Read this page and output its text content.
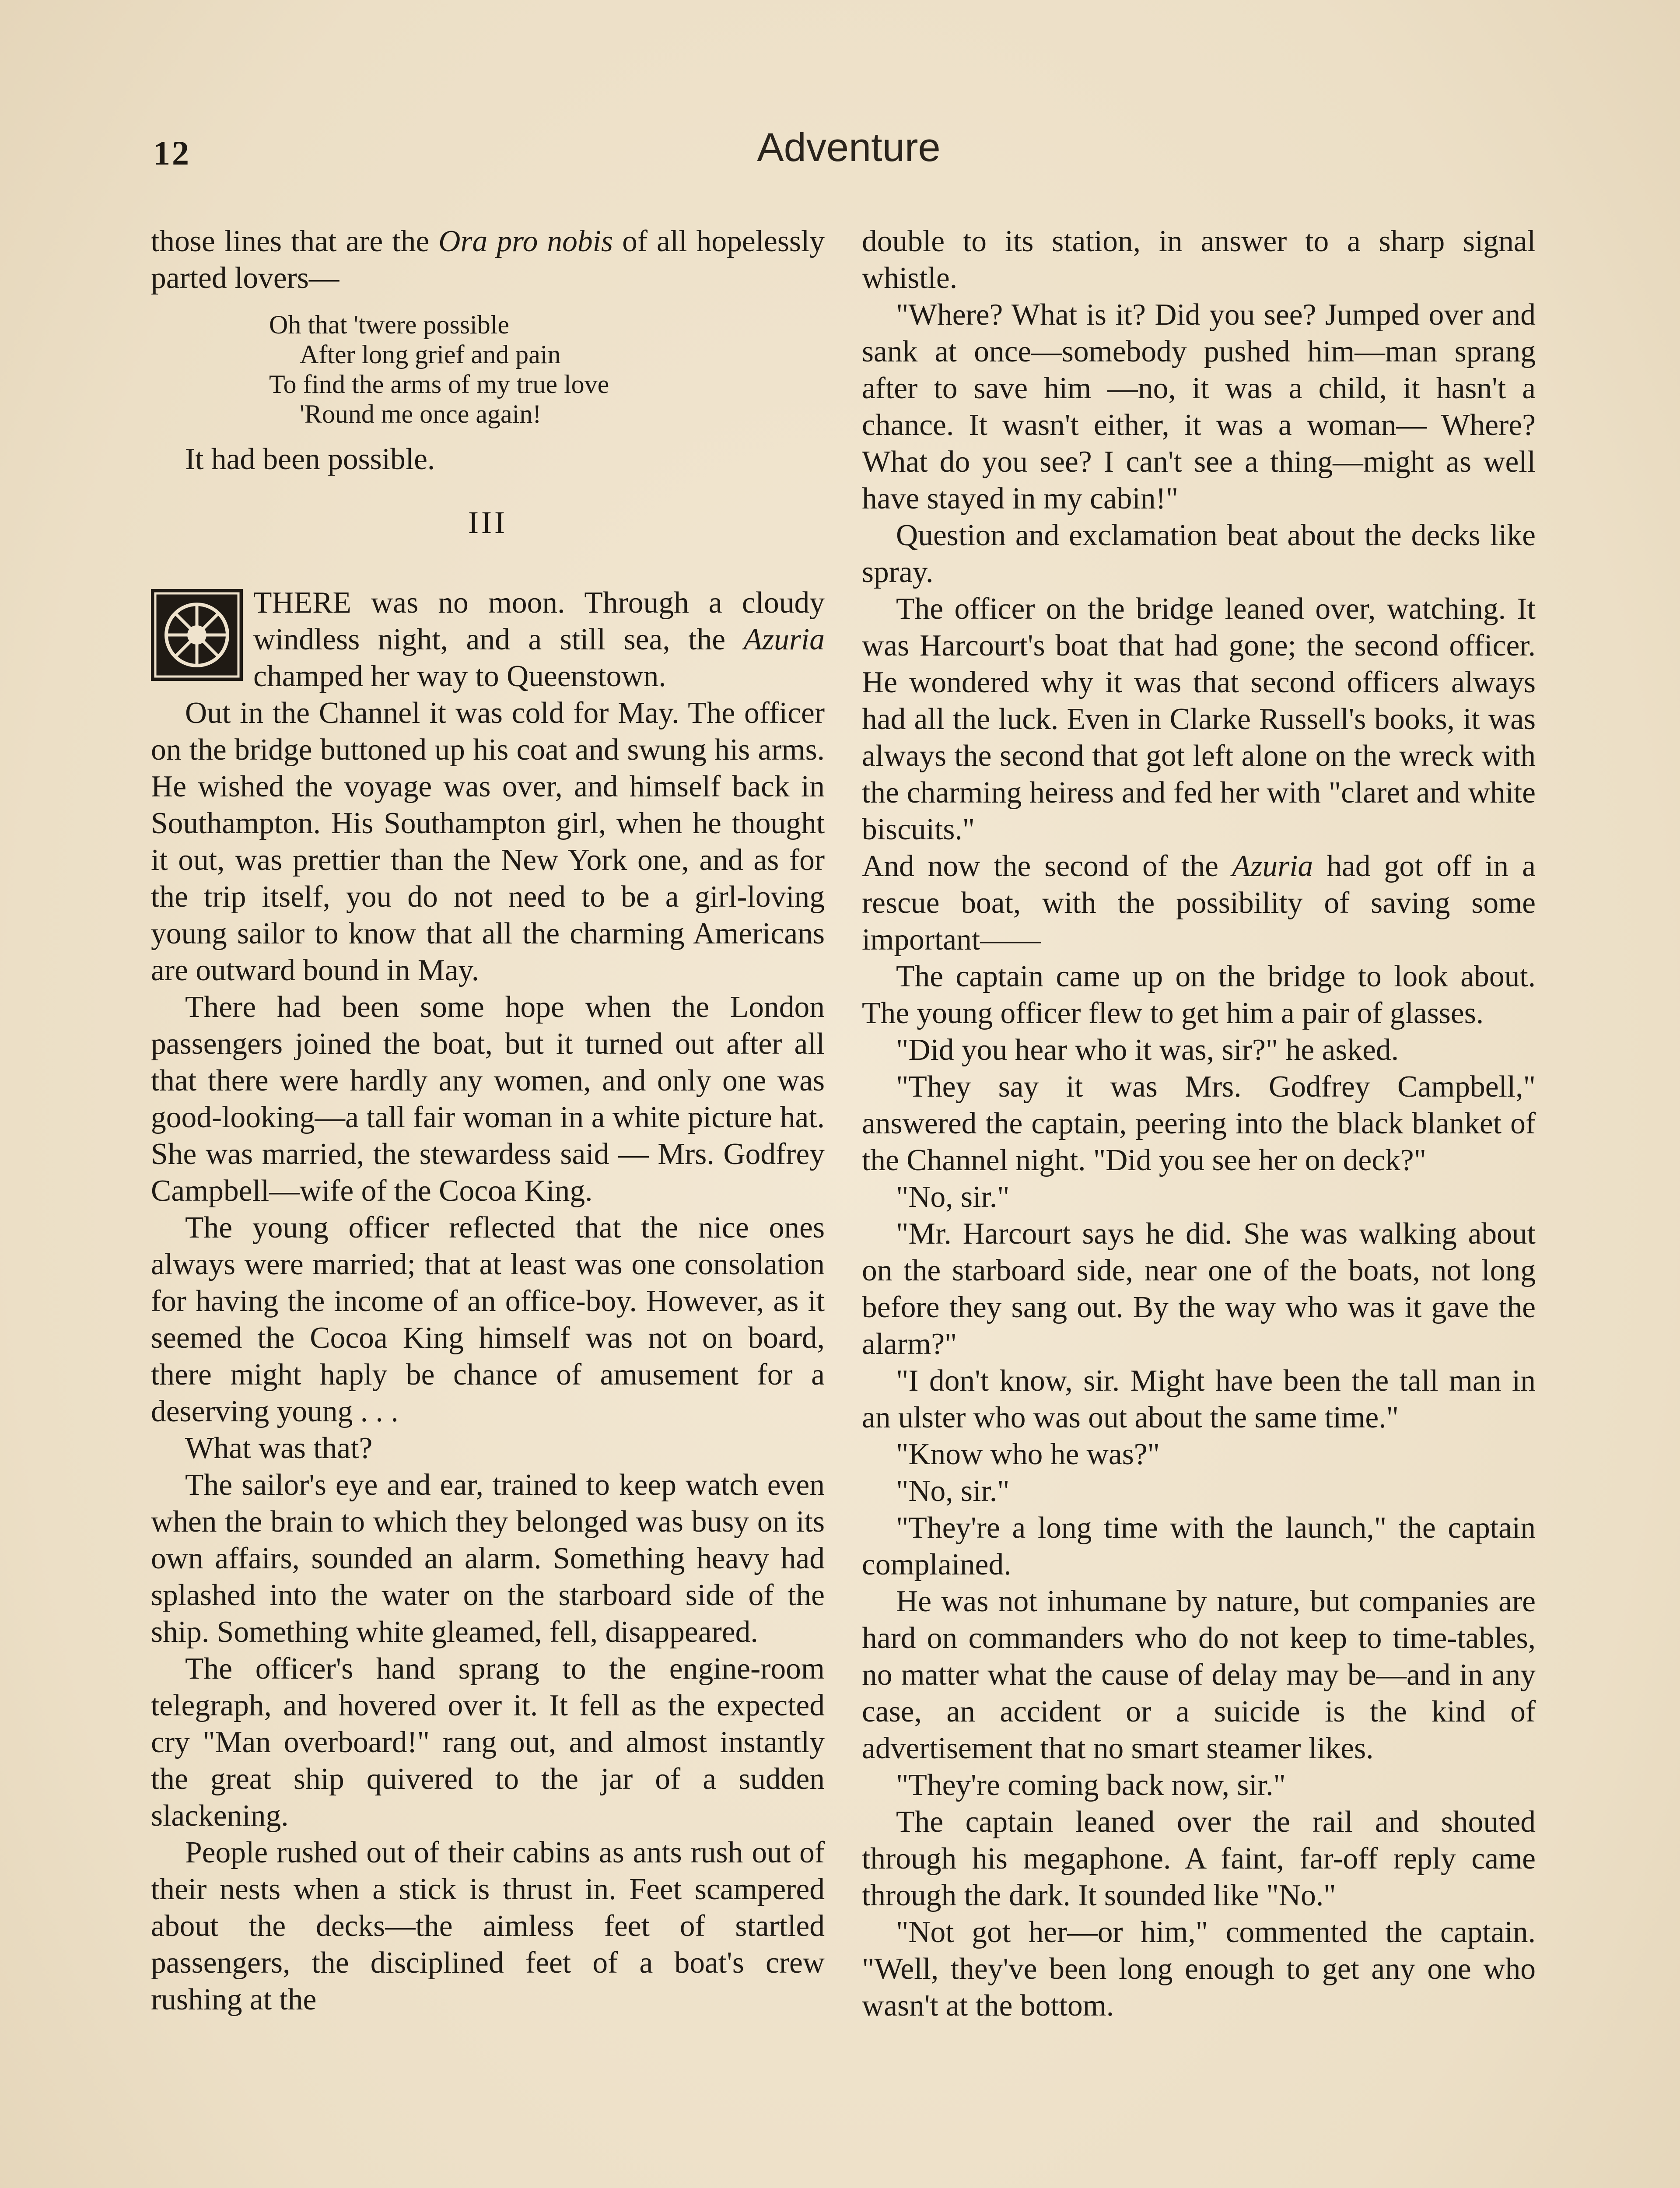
12	Adventure

those lines that are the Ora pro nobis of all hopelessly parted lovers—

Oh that 'twere possible
After long grief and pain
To find the arms of my true love
'Round me once again!

It had been possible.

III

THERE was no moon. Through a cloudy windless night, and a still sea, the Azuria champed her way to Queenstown.

Out in the Channel it was cold for May. The officer on the bridge buttoned up his coat and swung his arms. He wished the voyage was over, and himself back in Southampton. His Southampton girl, when he thought it out, was prettier than the New York one, and as for the trip itself, you do not need to be a girl-loving young sailor to know that all the charming Americans are outward bound in May.

There had been some hope when the London passengers joined the boat, but it turned out after all that there were hardly any women, and only one was good-looking—a tall fair woman in a white picture hat. She was married, the stewardess said — Mrs. Godfrey Campbell—wife of the Cocoa King.

The young officer reflected that the nice ones always were married; that at least was one consolation for having the income of an office-boy. However, as it seemed the Cocoa King himself was not on board, there might haply be chance of amusement for a deserving young . . .

What was that?

The sailor's eye and ear, trained to keep watch even when the brain to which they belonged was busy on its own affairs, sounded an alarm. Something heavy had splashed into the water on the starboard side of the ship. Something white gleamed, fell, disappeared.

The officer's hand sprang to the engine-room telegraph, and hovered over it. It fell as the expected cry "Man overboard!" rang out, and almost instantly the great ship quivered to the jar of a sudden slackening.

People rushed out of their cabins as ants rush out of their nests when a stick is thrust in. Feet scampered about the decks—the aimless feet of startled passengers, the disciplined feet of a boat's crew rushing at the

double to its station, in answer to a sharp signal whistle.

"Where? What is it? Did you see? Jumped over and sank at once—somebody pushed him—man sprang after to save him —no, it was a child, it hasn't a chance. It wasn't either, it was a woman— Where? What do you see? I can't see a thing—might as well have stayed in my cabin!"

Question and exclamation beat about the decks like spray.

The officer on the bridge leaned over, watching. It was Harcourt's boat that had gone; the second officer. He wondered why it was that second officers always had all the luck. Even in Clarke Russell's books, it was always the second that got left alone on the wreck with the charming heiress and fed her with "claret and white biscuits."

And now the second of the Azuria had got off in a rescue boat, with the possibility of saving some important——

The captain came up on the bridge to look about. The young officer flew to get him a pair of glasses.

"Did you hear who it was, sir?" he asked.

"They say it was Mrs. Godfrey Campbell," answered the captain, peering into the black blanket of the Channel night. "Did you see her on deck?"

"No, sir."

"Mr. Harcourt says he did. She was walking about on the starboard side, near one of the boats, not long before they sang out. By the way who was it gave the alarm?"

"I don't know, sir. Might have been the tall man in an ulster who was out about the same time."

"Know who he was?"

"No, sir."

"They're a long time with the launch," the captain complained.

He was not inhumane by nature, but companies are hard on commanders who do not keep to time-tables, no matter what the cause of delay may be—and in any case, an accident or a suicide is the kind of advertisement that no smart steamer likes.

"They're coming back now, sir."

The captain leaned over the rail and shouted through his megaphone. A faint, far-off reply came through the dark. It sounded like "No."

"Not got her—or him," commented the captain. "Well, they've been long enough to get any one who wasn't at the bottom.
